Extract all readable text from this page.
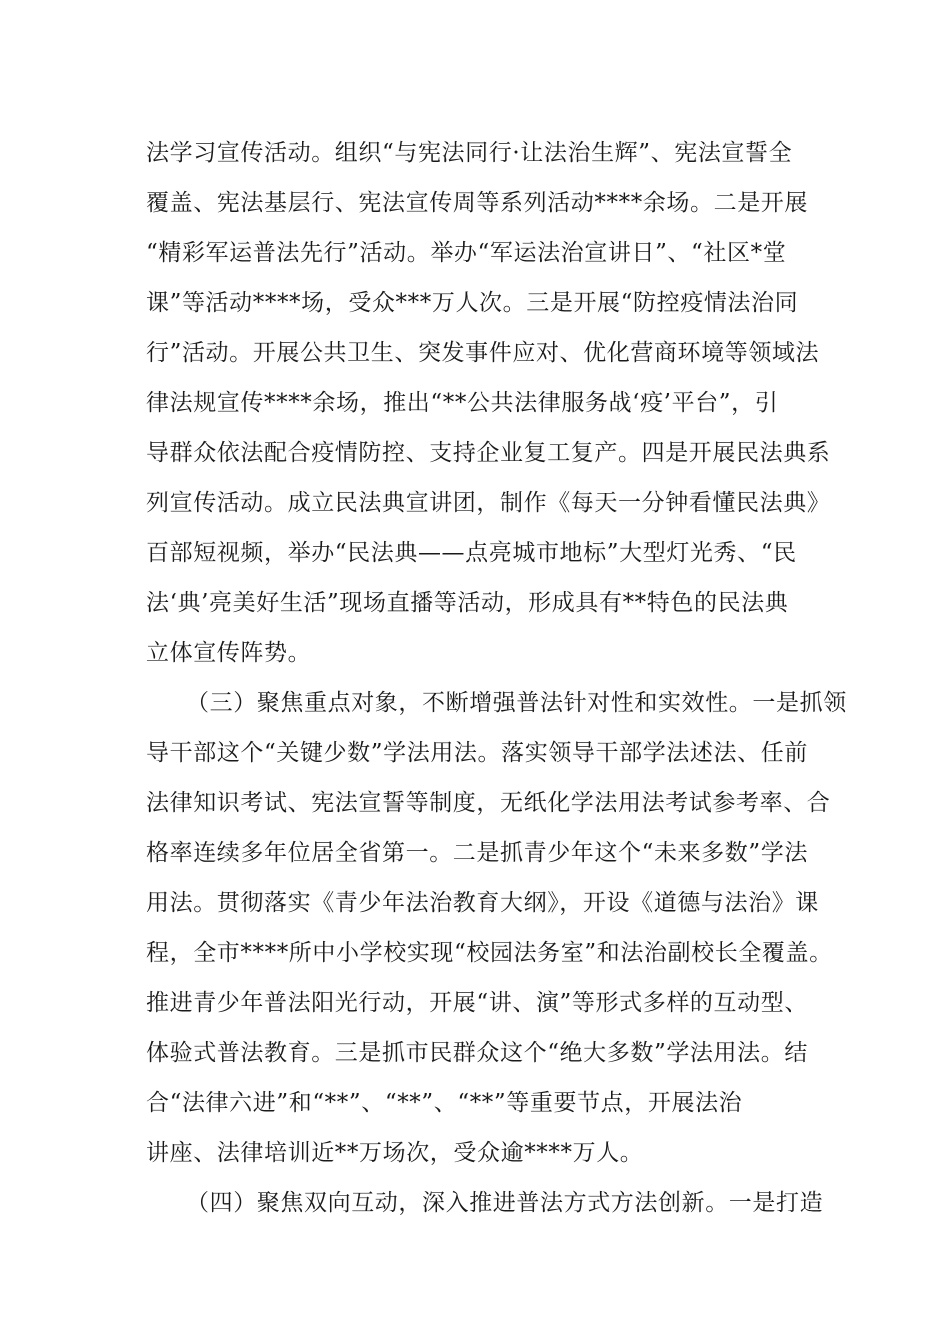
法学习宣传活动。组织“与宪法同行·让法治生辉”、宪法宣誓全
覆盖、宪法基层行、宪法宣传周等系列活动****余场。二是开展
“精彩军运普法先行”活动。举办“军运法治宣讲日”、“社区*堂
课”等活动****场，受众***万人次。三是开展“防控疫情法治同
行”活动。开展公共卫生、突发事件应对、优化营商环境等领域法
律法规宣传****余场，推出“**公共法律服务战‘疫’平台”，引
导群众依法配合疫情防控、支持企业复工复产。四是开展民法典系
列宣传活动。成立民法典宣讲团，制作《每天一分钟看懂民法典》
百部短视频，举办“民法典——点亮城市地标”大型灯光秀、“民
法‘典’亮美好生活”现场直播等活动，形成具有**特色的民法典
立体宣传阵势。
（三）聚焦重点对象，不断增强普法针对性和实效性。一是抓领
导干部这个“关键少数”学法用法。落实领导干部学法述法、任前
法律知识考试、宪法宣誓等制度，无纸化学法用法考试参考率、合
格率连续多年位居全省第一。二是抓青少年这个“未来多数”学法
用法。贯彻落实《青少年法治教育大纲》，开设《道德与法治》课
程，全市****所中小学校实现“校园法务室”和法治副校长全覆盖。
推进青少年普法阳光行动，开展“讲、演”等形式多样的互动型、
体验式普法教育。三是抓市民群众这个“绝大多数”学法用法。结
合“法律六进”和“**”、“**”、“**”等重要节点，开展法治
讲座、法律培训近**万场次，受众逾****万人。
（四）聚焦双向互动，深入推进普法方式方法创新。一是打造
